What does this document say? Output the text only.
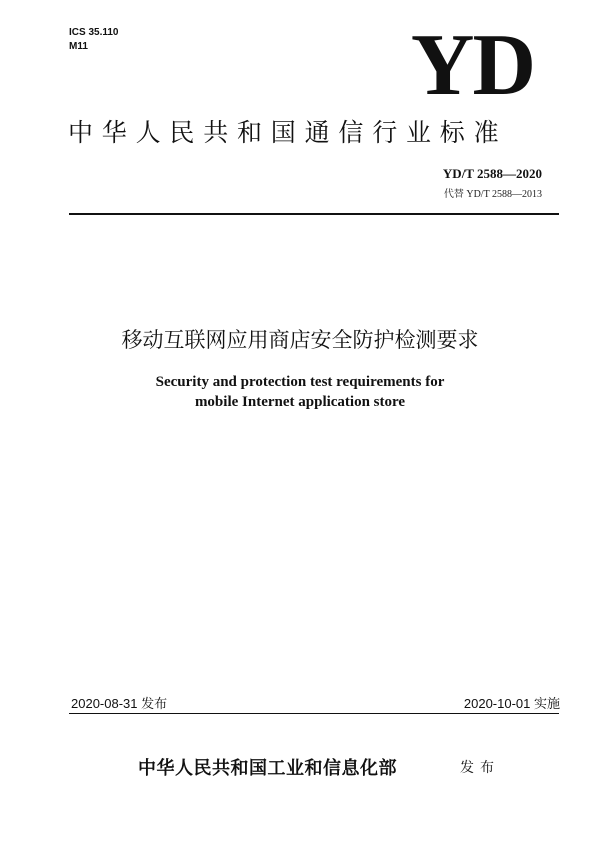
ICS 35.110
M11	YD
中华人民共和国通信行业标准
YD/T 2588—2020
代替 YD/T 2588—2013
移动互联网应用商店安全防护检测要求
Security and protection test requirements for
mobile Internet application store
2020-08-31 发布	2020-10-01 实施
中华人民共和国工业和信息化部	发布
